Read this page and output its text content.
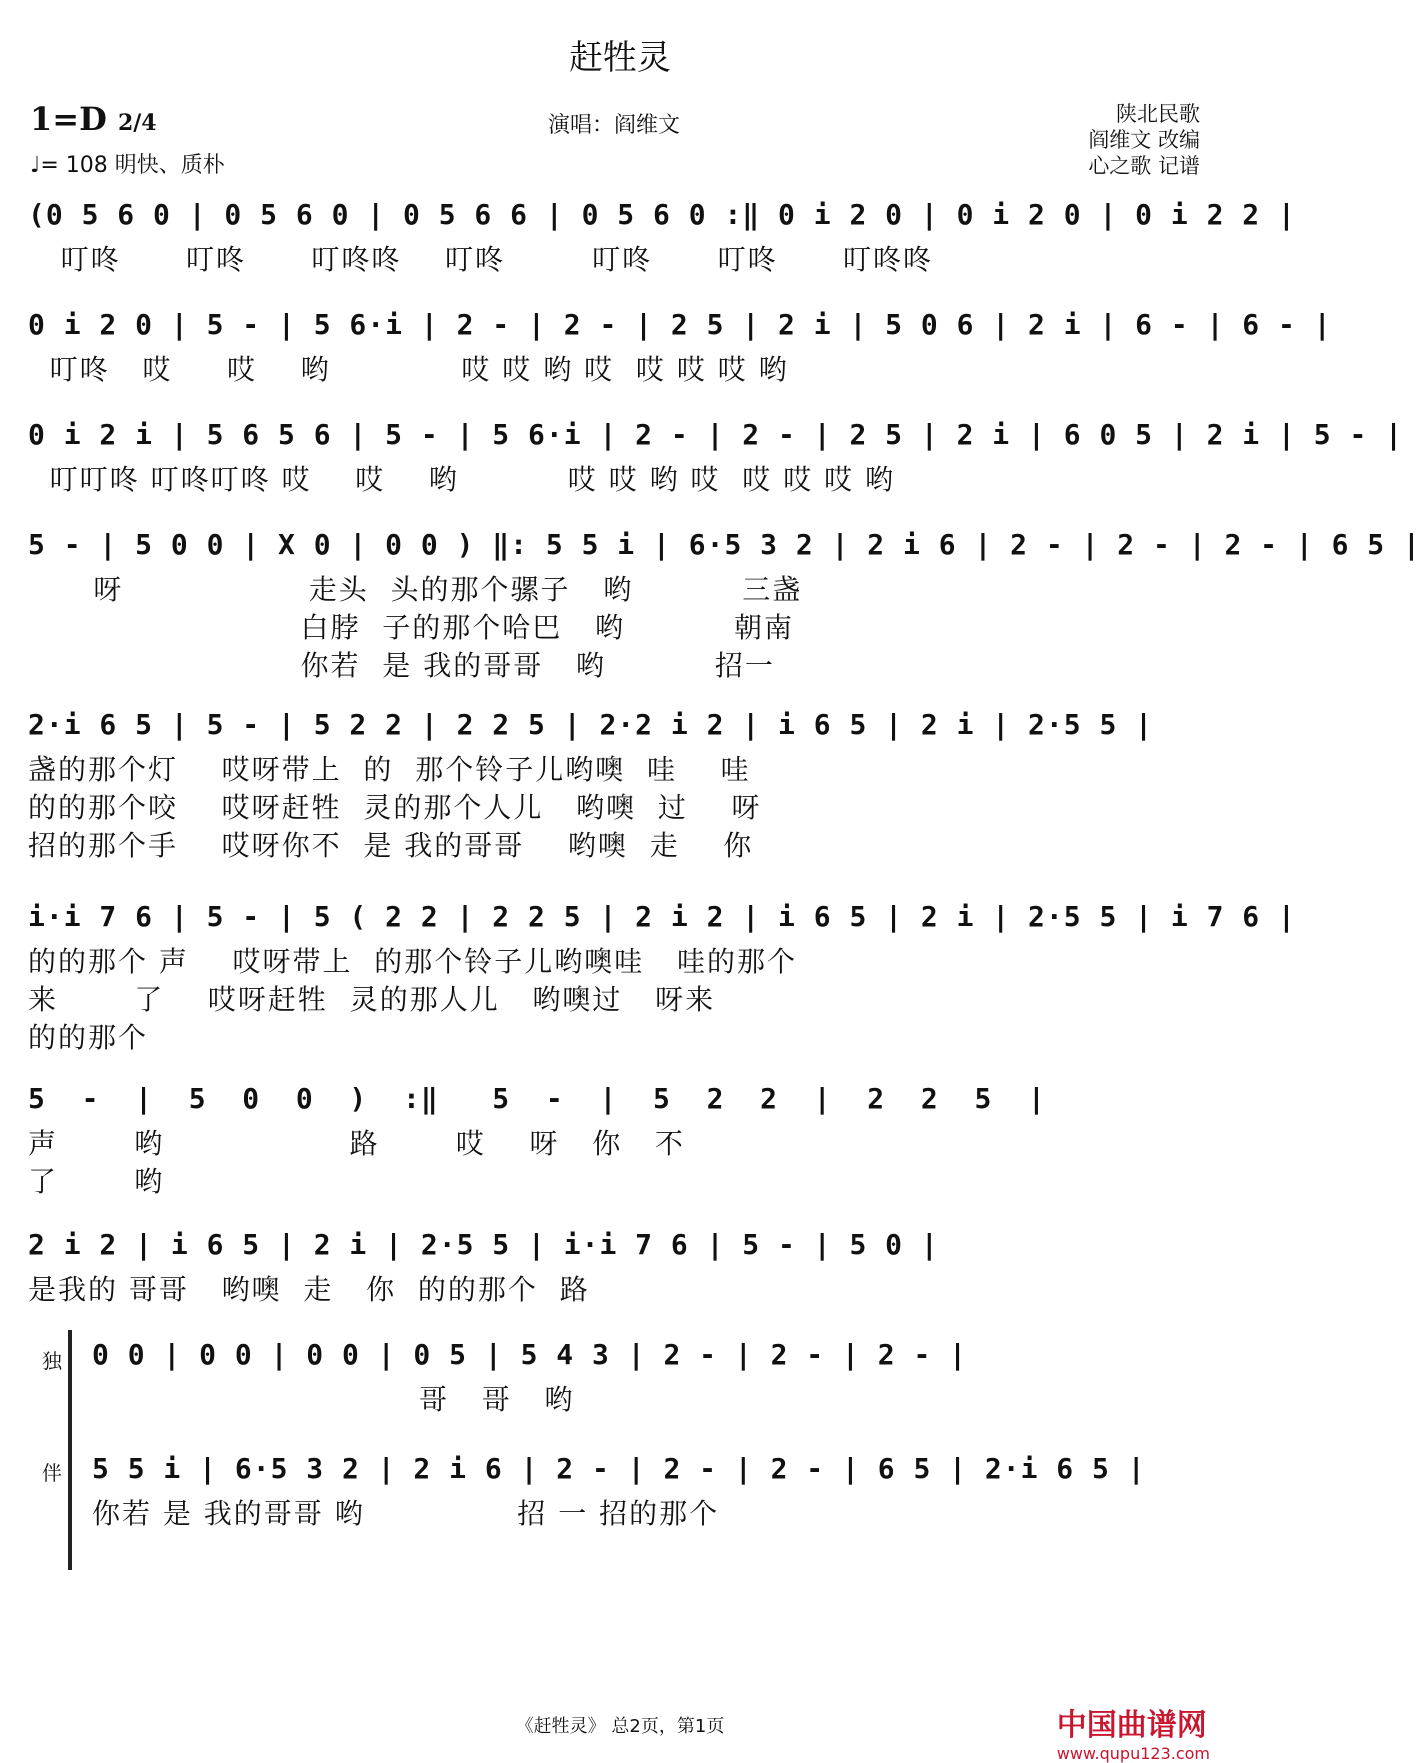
赶牲灵
1=D 2/4
♩= 108 明快、质朴
演唱：阎维文	陕北民歌
阎维文 改编
心之歌 记谱
(0 5 6 0 | 0 5 6 0 | 0 5 6 6 | 0 5 6 0 :‖ 0 i 2 0 | 0 i 2 0 | 0 i 2 2 |
叮咚      叮咚      叮咚咚    叮咚        叮咚      叮咚      叮咚咚
0 i 2 0 | 5 - | 5 6·i | 2 - | 2 - | 2 5 | 2 i | 5 0 6 | 2 i | 6 - | 6 - |
叮咚   哎     哎    哟            哎 哎 哟 哎  哎 哎 哎 哟
0 i 2 i | 5 6 5 6 | 5 - | 5 6·i | 2 - | 2 - | 2 5 | 2 i | 6 0 5 | 2 i | 5 - |
叮叮咚 叮咚叮咚 哎    哎    哟          哎 哎 哟 哎  哎 哎 哎 哟
5 - | 5 0 0 | X 0 | 0 0 ) ‖: 5 5 i | 6·5 3 2 | 2 i 6 | 2 - | 2 - | 2 - | 6 5 |
呀                 走头  头的那个骡子   哟          三盏
白脖  子的那个哈巴   哟          朝南
你若  是 我的哥哥   哟          招一
2·i 6 5 | 5 - | 5 2 2 | 2 2 5 | 2·2 i 2 | i 6 5 | 2 i | 2·5 5 |
盏的那个灯    哎呀带上  的  那个铃子儿哟噢  哇    哇
的的那个咬    哎呀赶牲  灵的那个人儿   哟噢  过    呀
招的那个手    哎呀你不  是 我的哥哥    哟噢  走    你
i·i 7 6 | 5 - | 5 ( 2 2 | 2 2 5 | 2 i 2 | i 6 5 | 2 i | 2·5 5 | i 7 6 |
的的那个 声    哎呀带上  的那个铃子儿哟噢哇   哇的那个
来       了    哎呀赶牲  灵的那人儿   哟噢过   呀来
的的那个
5  -  |  5  0  0  )  :‖   5  -  |  5  2  2  |  2  2  5  |
声       哟                 路       哎    呀   你   不
了       哟
2 i 2 | i 6 5 | 2 i | 2·5 5 | i·i 7 6 | 5 - | 5 0 |
是我的 哥哥   哟噢  走   你  的的那个  路
独
伴
0 0 | 0 0 | 0 0 | 0 5 | 5 4 3 | 2 - | 2 - | 2 - |
哥   哥   哟
5 5 i | 6·5 3 2 | 2 i 6 | 2 - | 2 - | 2 - | 6 5 | 2·i 6 5 |
你若 是 我的哥哥 哟              招 一 招的那个
《赶牲灵》 总2页，第1页	中国曲谱网
www.qupu123.com
